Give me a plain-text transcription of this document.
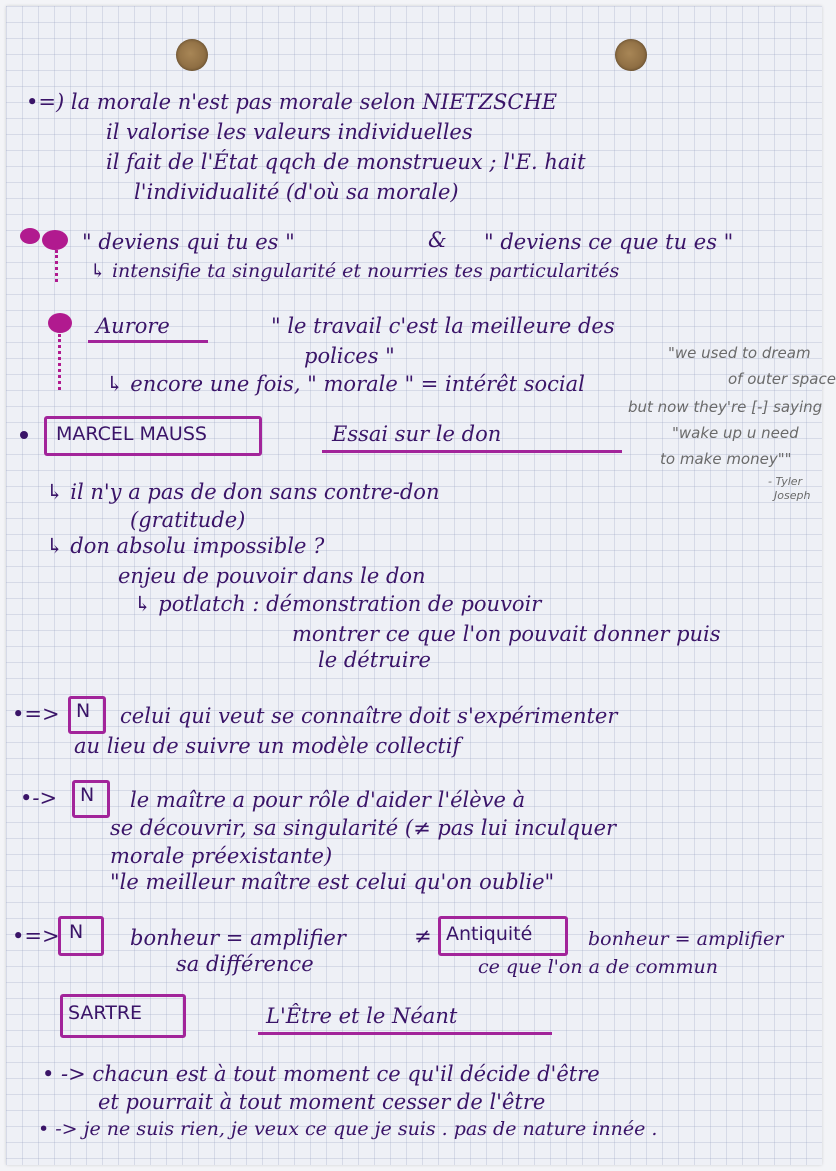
•=) la morale n'est pas morale selon NIETZSCHE
il valorise les valeurs individuelles
il fait de l'État qqch de monstrueux ; l'E. hait
l'individualité (d'où sa morale)
" deviens qui tu es "	& " deviens ce que tu es "
↳ intensifie ta singularité et nourries tes particularités
Aurore	" le travail c'est la meilleure des
polices "
↳ encore une fois, " morale " = intérêt social
"we used to dream
of outer space
but now they're [-] saying
"wake up u need
to make money""
- Tyler
Joseph
MARCEL MAUSS	Essai sur le don
↳ il n'y a pas de don sans contre-don
(gratitude)
↳ don absolu impossible ?
enjeu de pouvoir dans le don
↳ potlatch : démonstration de pouvoir
montrer ce que l'on pouvait donner puis
le détruire
•=> N celui qui veut se connaître doit s'expérimenter
au lieu de suivre un modèle collectif
•-> N le maître a pour rôle d'aider l'élève à
se découvrir, sa singularité (≠ pas lui inculquer
morale préexistante)
"le meilleur maître est celui qu'on oublie"
•=> N bonheur = amplifier
sa différence
≠ Antiquité	bonheur = amplifier
ce que l'on a de commun
SARTRE	L'Être et le Néant
• -> chacun est à tout moment ce qu'il décide d'être
et pourrait à tout moment cesser de l'être
• -> je ne suis rien, je veux ce que je suis . pas de nature innée .
